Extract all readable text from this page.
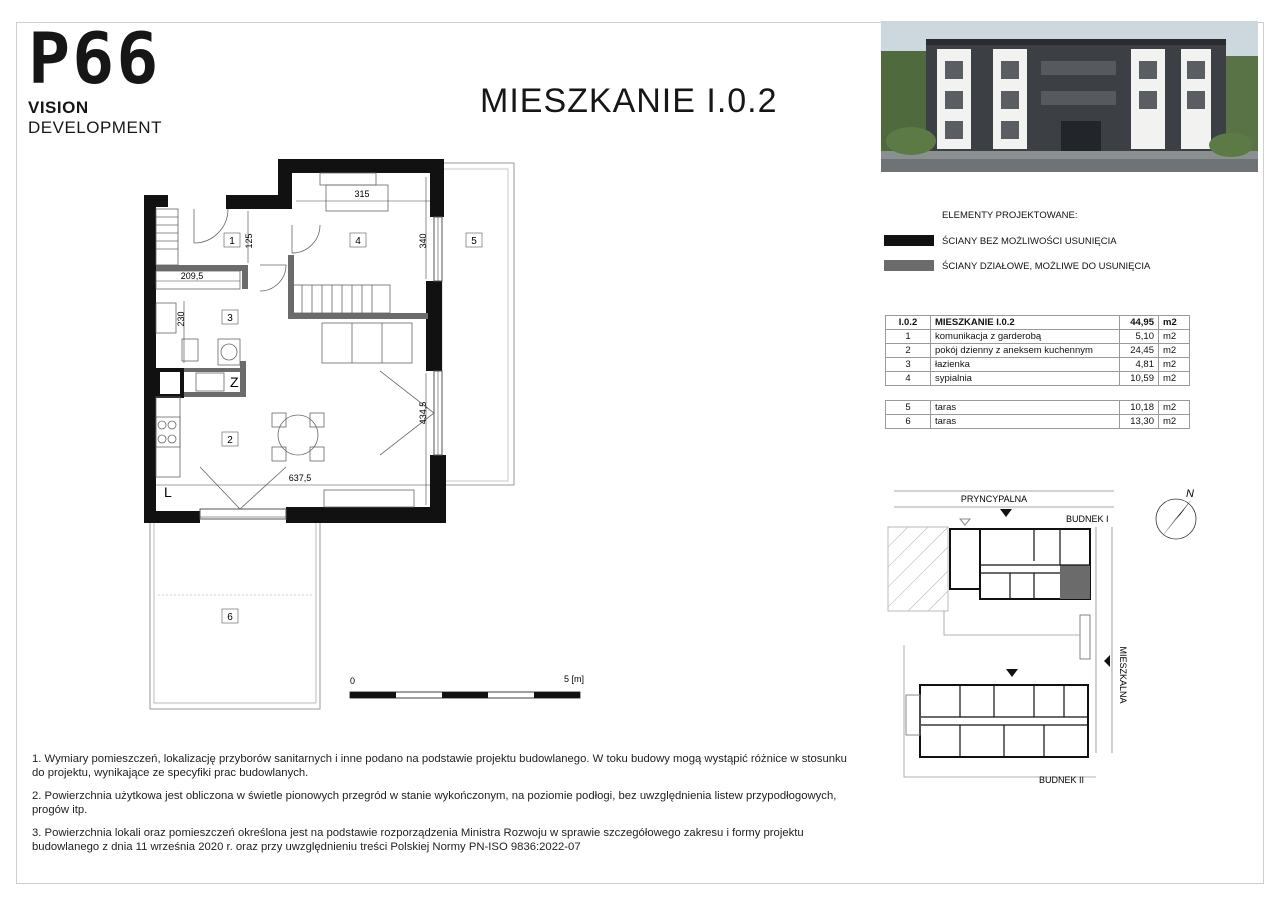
P66
VISION DEVELOPMENT
MIESZKANIE I.0.2
1
2
3
4	5
6
Z
L
315
125	340
209,5
230
434,5
637,5
0	5 [m]
ELEMENTY PROJEKTOWANE:
ŚCIANY BEZ MOŻLIWOŚCI USUNIĘCIA
ŚCIANY DZIAŁOWE, MOŻLIWE DO USUNIĘCIA
I.0.2	MIESZKANIE I.0.2	44,95	m2
1	komunikacja z garderobą	5,10	m2
2	pokój dzienny z aneksem kuchennym	24,45	m2
3	łazienka	4,81	m2
4	sypialnia	10,59	m2
5	taras	10,18	m2
6	taras	13,30	m2
PRYNCYPALNA
BUDNEK I
N
MIESZKALNA
BUDNEK II

1. Wymiary pomieszczeń, lokalizację przyborów sanitarnych i inne podano na podstawie projektu budowlanego. W toku budowy mogą wystąpić różnice w stosunku do projektu, wynikające ze specyfiki prac budowlanych.

2. Powierzchnia użytkowa jest obliczona w świetle pionowych przegród w stanie wykończonym, na poziomie podłogi, bez uwzględnienia listew przypodłogowych, progów itp.

3. Powierzchnia lokali oraz pomieszczeń określona jest na podstawie rozporządzenia Ministra Rozwoju w sprawie szczegółowego zakresu i formy projektu budowlanego z dnia 11 września 2020 r. oraz przy uwzględnieniu treści Polskiej Normy PN-ISO 9836:2022-07
